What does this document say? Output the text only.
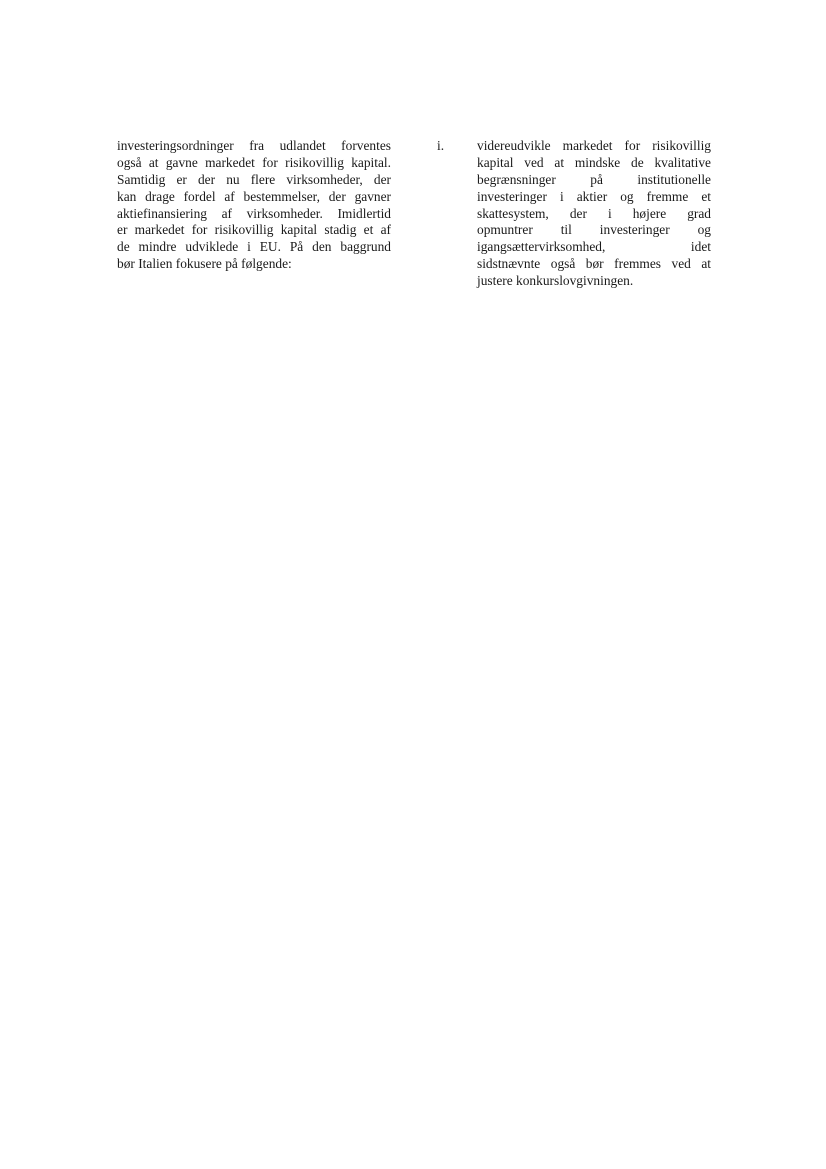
investeringsordninger fra udlandet forventes
også at gavne markedet for risikovillig kapital.
Samtidig er der nu flere virksomheder, der
kan drage fordel af bestemmelser, der gavner
aktiefinansiering af virksomheder. Imidlertid
er markedet for risikovillig kapital stadig et af
de mindre udviklede i EU. På den baggrund
bør Italien fokusere på følgende:
i. videreudvikle markedet for risikovillig
kapital ved at mindske de kvalitative
begrænsninger på institutionelle
investeringer i aktier og fremme et
skattesystem, der i højere grad
opmuntrer til investeringer og
igangsættervirksomhed, idet
sidstnævnte også bør fremmes ved at
justere konkurslovgivningen.
